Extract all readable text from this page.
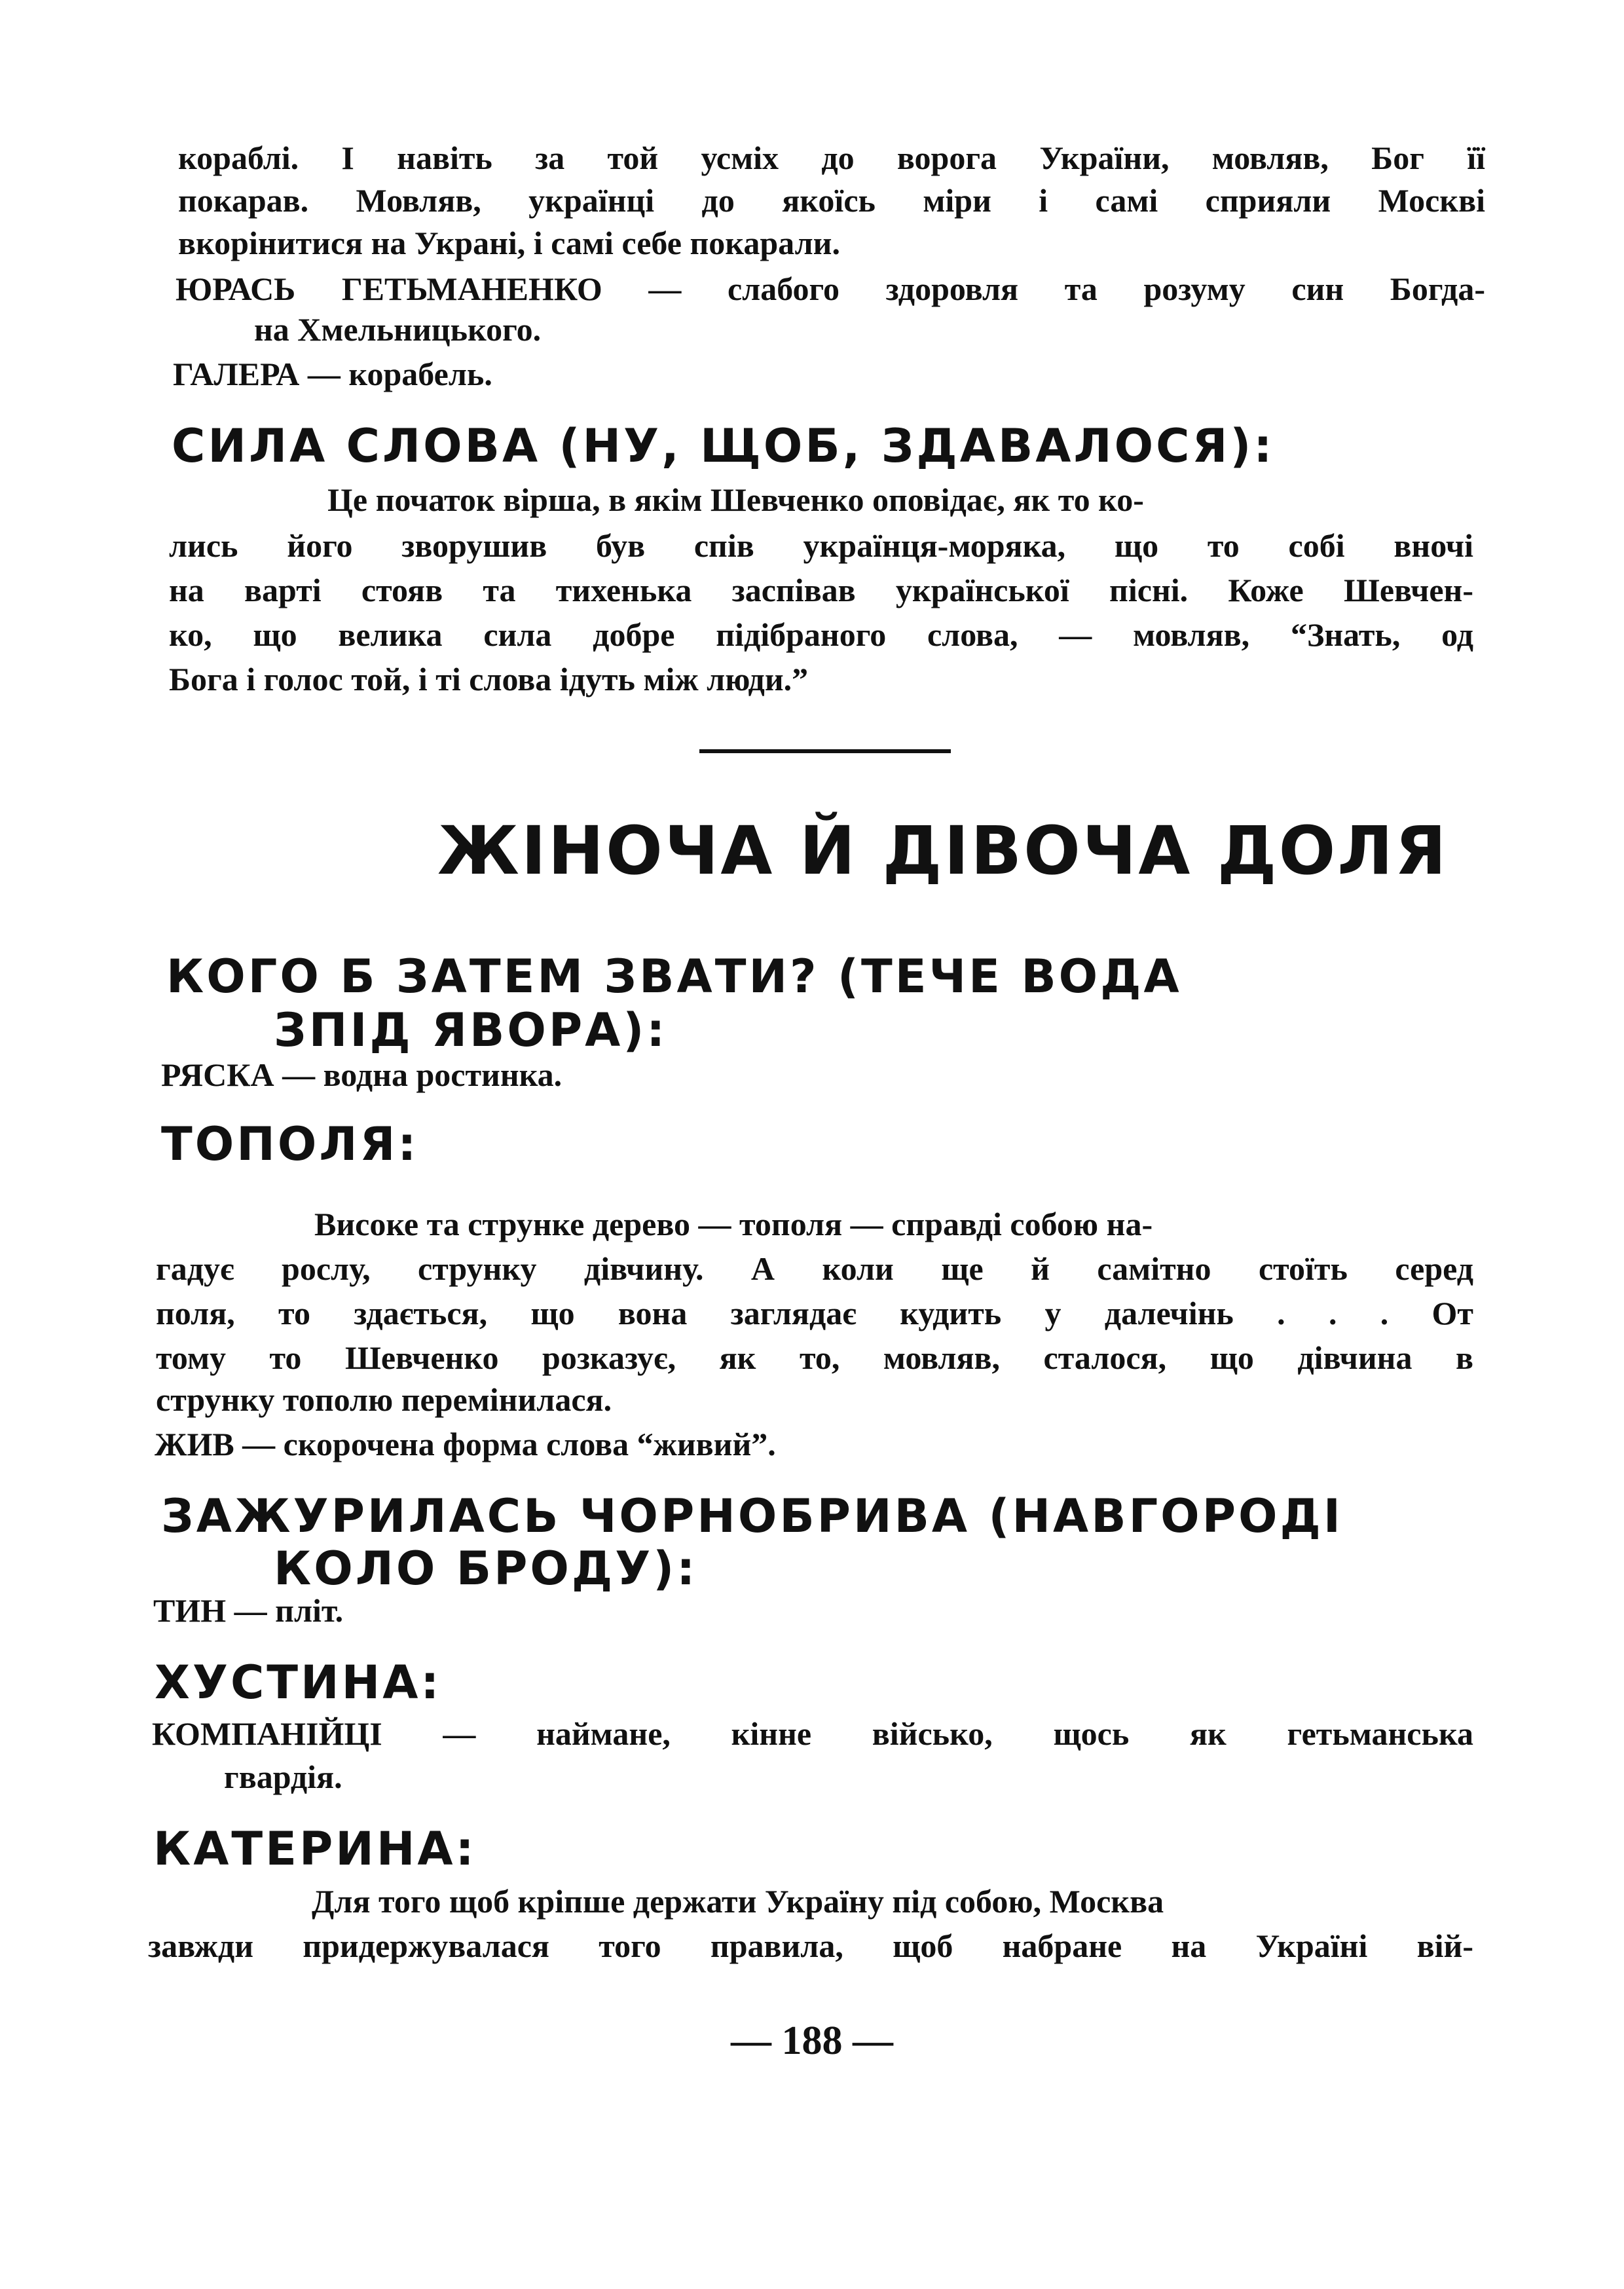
кораблі. І навіть за той усміх до ворога України, мовляв, Бог її
покарав. Мовляв, українці до якоїсь міри і самі сприяли Москві
вкорінитися на Украні, і самі себе покарали.
ЮРАСЬ ГЕТЬМАНЕНКО — слабого здоровля та розуму син Богда-
на Хмельницького.
ГАЛЕРА — корабель.
СИЛА СЛОВА (НУ, ЩОБ, ЗДАВАЛОСЯ):
Це початок вірша, в якім Шевченко оповідає, як то ко-
лись його зворушив був спів українця-моряка, що то собі вночі
на варті стояв та тихенька заспівав української пісні. Коже Шевчен-
ко, що велика сила добре підібраного слова, — мовляв, “Знать, од
Бога і голос той, і ті слова ідуть між люди.”
ЖІНОЧА Й ДІВОЧА ДОЛЯ
КОГО Б ЗАТЕМ ЗВАТИ? (ТЕЧЕ ВОДА
ЗПІД ЯВОРА):
РЯСКА — водна ростинка.
ТОПОЛЯ:
Високе та струнке дерево — тополя — справді собою на-
гадує рослу, струнку дівчину. А коли ще й самітно стоїть серед
поля, то здається, що вона заглядає кудить у далечінь . . . От
тому то Шевченко розказує, як то, мовляв, сталося, що дівчина в
струнку тополю перемінилася.
ЖИВ — скорочена форма слова “живий”.
ЗАЖУРИЛАСЬ ЧОРНОБРИВА (НАВГОРОДІ
КОЛО БРОДУ):
ТИН — пліт.
ХУСТИНА:
КОМПАНІЙЦІ — наймане, кінне військо, щось як гетьманська
гвардія.
КАТЕРИНА:
Для того щоб кріпше держати Україну під собою, Москва
завжди придержувалася того правила, щоб набране на Україні вій-
— 188 —
